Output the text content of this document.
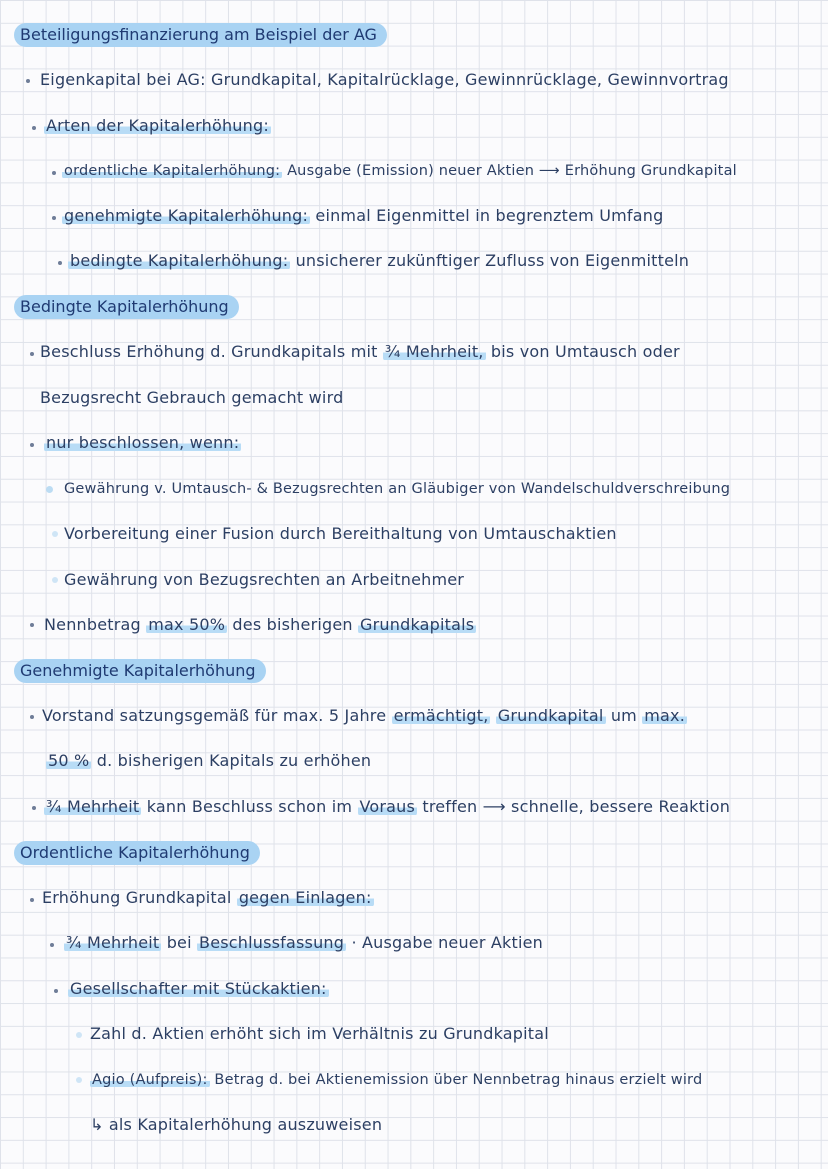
Beteiligungsfinanzierung am Beispiel der AG
Eigenkapital bei AG: Grundkapital, Kapitalrücklage, Gewinnrücklage, Gewinnvortrag
Arten der Kapitalerhöhung:
ordentliche Kapitalerhöhung: Ausgabe (Emission) neuer Aktien ⟶ Erhöhung Grundkapital
genehmigte Kapitalerhöhung: einmal Eigenmittel in begrenztem Umfang
bedingte Kapitalerhöhung: unsicherer zukünftiger Zufluss von Eigenmitteln
Bedingte Kapitalerhöhung
Beschluss Erhöhung d. Grundkapitals mit ¾ Mehrheit, bis von Umtausch oder
Bezugsrecht Gebrauch gemacht wird
nur beschlossen, wenn:
Gewährung v. Umtausch- & Bezugsrechten an Gläubiger von Wandelschuldverschreibung
Vorbereitung einer Fusion durch Bereithaltung von Umtauschaktien
Gewährung von Bezugsrechten an Arbeitnehmer
Nennbetrag max 50% des bisherigen Grundkapitals
Genehmigte Kapitalerhöhung
Vorstand satzungsgemäß für max. 5 Jahre ermächtigt, Grundkapital um max.
50 % d. bisherigen Kapitals zu erhöhen
¾ Mehrheit kann Beschluss schon im Voraus treffen ⟶ schnelle, bessere Reaktion
Ordentliche Kapitalerhöhung
Erhöhung Grundkapital gegen Einlagen:
¾ Mehrheit bei Beschlussfassung · Ausgabe neuer Aktien
Gesellschafter mit Stückaktien:
Zahl d. Aktien erhöht sich im Verhältnis zu Grundkapital
Agio (Aufpreis): Betrag d. bei Aktienemission über Nennbetrag hinaus erzielt wird
↳ als Kapitalerhöhung auszuweisen
